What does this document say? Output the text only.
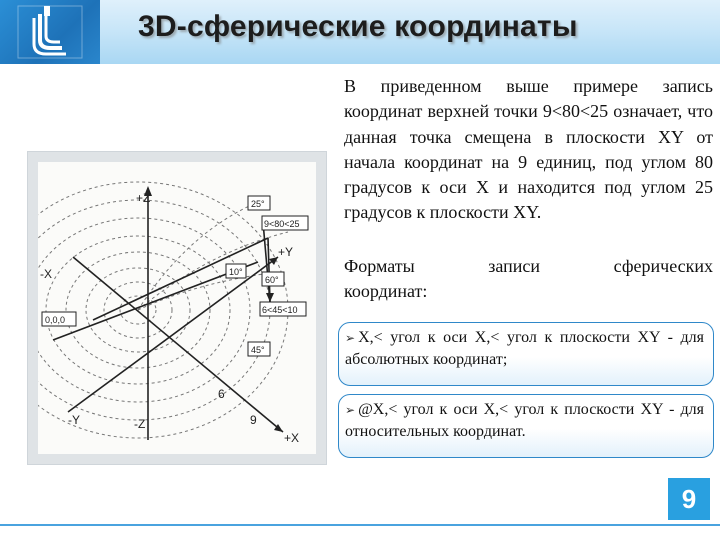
3D-сферические координаты
+Z
-X
+Y
-Z
-Y
+X
9<80<25
25°
10°
60°
45°
6<45<10
0,0,0
6
9

В приведенном выше примере запись координат верхней точки 9<80<25 означает, что данная точка смещена в плоскости XY от начала координат на 9 единиц, под углом 80 градусов к оси X и находится под углом 25 градусов к плоскости XY.

Форматы	записи	сферических
координат:
➢ X,< угол к оси X,< угол к плоскости XY - для абсолютных координат;
➢ @X,< угол к оси X,< угол к плоскости XY - для относительных координат.
9
